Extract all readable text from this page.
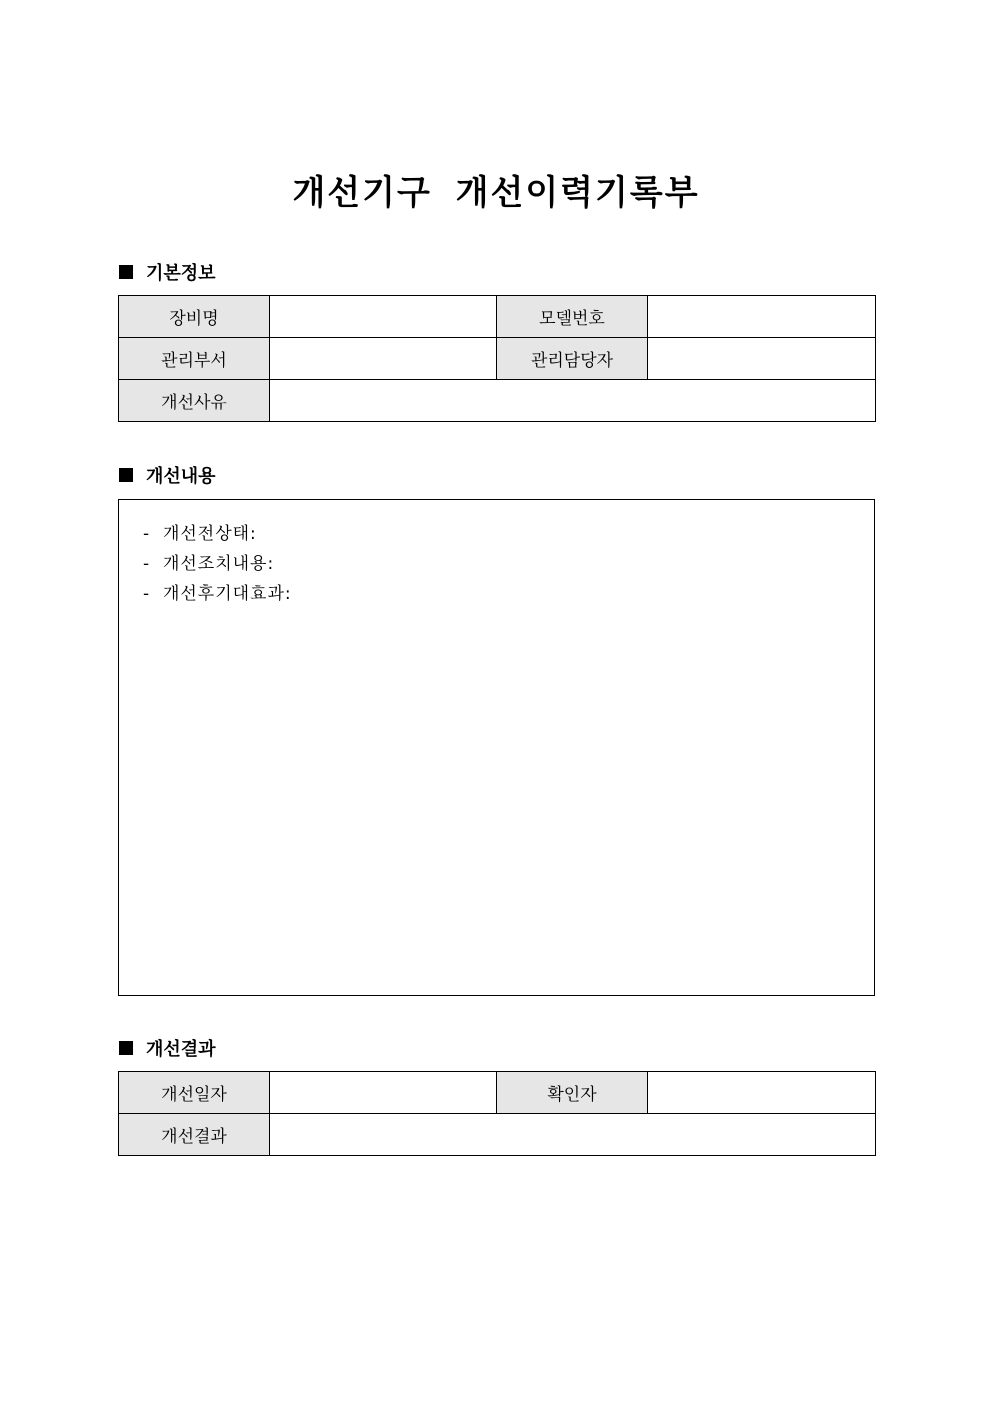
개선기구 개선이력기록부
기본정보
장비명		모델번호	
관리부서		관리담당자	
개선사유			
개선내용
-  개선전상태:
-  개선조치내용:
-  개선후기대효과:
개선결과
개선일자		확인자	
개선결과			
